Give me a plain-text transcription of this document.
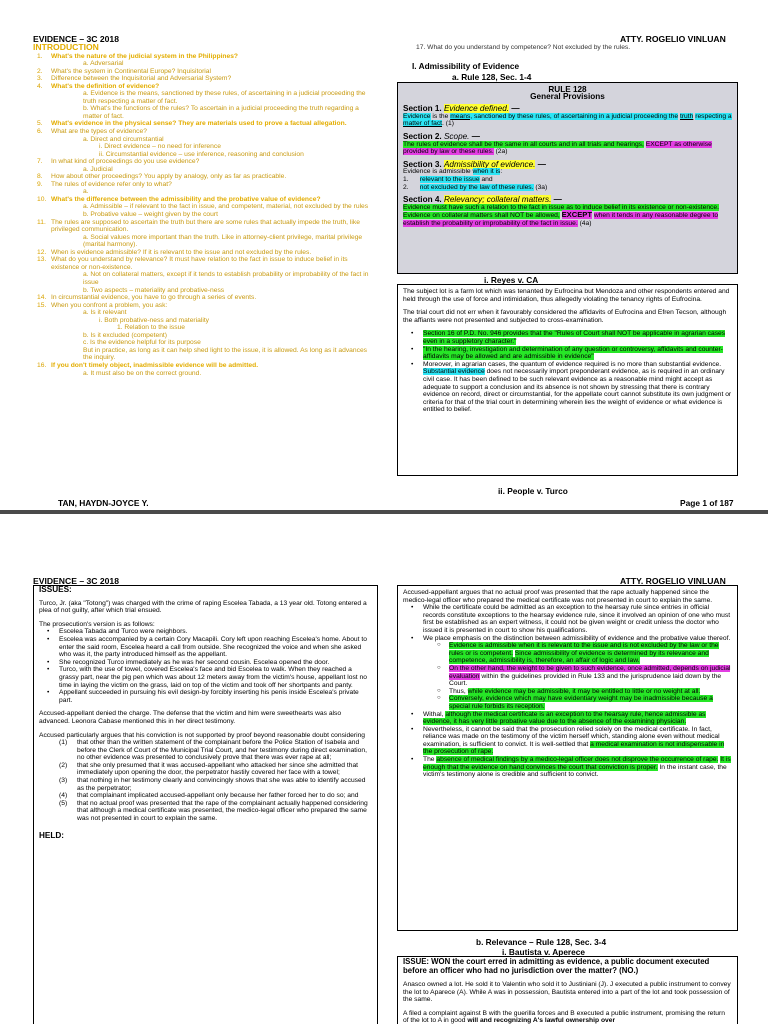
EVIDENCE – 3C 2018	ATTY. ROGELIO VINLUAN
INTRODUCTION
1. What's the nature of the judicial system in the Philippines?
a. Adversarial
2. What's the system in Continental Europe? Inquisitorial
3. Difference between the Inquisitorial and Adversarial System?
4. What's the definition of evidence?
a. Evidence is the means, sanctioned by these rules, of ascertaining in a judicial proceeding the truth respecting a matter of fact.
b. What's the functions of the rules? To ascertain in a judicial proceeding the truth regarding a matter of fact.
5. What's evidence in the physical sense? They are materials used to prove a factual allegation.
6. What are the types of evidence?
a. Direct and circumstantial
i. Direct evidence – no need for inference
ii. Circumstantial evidence – use inference, reasoning and conclusion
7. In what kind of proceedings do you use evidence?
a. Judicial
8. How about other proceedings? You apply by analogy, only as far as practicable.
9. The rules of evidence refer only to what?
a.
10. What's the difference between the admissibility and the probative value of evidence?
a. Admissible – if relevant to the fact in issue, and competent, material, not excluded by the rules
b. Probative value – weight given by the court
11. The rules are supposed to ascertain the truth but there are some rules that actually impede the truth, like privileged communication.
a. Social values more important than the truth. Like in attorney-client privilege, marital privilege (marital harmony).
12. When is evidence admissible? If it is relevant to the issue and not excluded by the rules.
13. What do you understand by relevance? It must have relation to the fact in issue to induce belief in its existence or non-existence.
a. Not on collateral matters, except if it tends to establish probability or improbability of the fact in issue
b. Two aspects – materiality and probative-ness
14. In circumstantial evidence, you have to go through a series of events.
15. When you confront a problem, you ask:
a. Is it relevant
i. Both probative-ness and materiality
1. Relation to the issue
b. Is it excluded (competent)
c. Is the evidence helpful for its purpose
But in practice, as long as it can help shed light to the issue, it is allowed. As long as it advances the inquiry.
16. If you don't timely object, inadmissible evidence will be admitted.
a. It must also be on the correct ground.
TAN, HAYDN-JOYCE Y.	Page 1 of 187
17. What do you understand by competence? Not excluded by the rules.
I. Admissibility of Evidence
a. Rule 128, Sec. 1-4
RULE 128
General Provisions
Section 1. Evidence defined. —
Evidence is the means, sanctioned by these rules, of ascertaining in a judicial proceeding the truth respecting a matter of fact. (1)
Section 2. Scope. —
The rules of evidence shall be the same in all courts and in all trials and hearings, EXCEPT as otherwise provided by law or these rules. (2a)
Section 3. Admissibility of evidence. —
Evidence is admissible when it is:
1.      relevant to the issue and
2.      not excluded by the law of these rules. (3a)
Section 4. Relevancy; collateral matters. —
Evidence must have such a relation to the fact in issue as to induce belief in its existence or non-existence.
Evidence on collateral matters shall NOT be allowed, EXCEPT when it tends in any reasonable degree to establish the probability or improbability of the fact in issue. (4a)
i. Reyes v. CA
The subject lot is a farm lot which was tenanted by Eufrocina but Mendoza and other respondents entered and held through the use of force and intimidation, thus allegedly violating the tenancy rights of Eufrocina.

The trial court did not err when it favourably considered the affidavits of Eufrocina and Efren Tecson, although the affiants were not presented and subjected to cross-examination.

• Section 16 of P.D. No. 946 provides that the "Rules of Court shall NOT be applicable in agrarian cases even in a suppletory character."
• "In the hearing, investigation and determination of any question or controversy, affidavits and counter-affidavits may be allowed and are admissible in evidence"
• Moreover, in agrarian cases, the quantum of evidence required is no more than substantial evidence. Substantial evidence does not necessarily import preponderant evidence, as is required in an ordinary civil case. It has been defined to be such relevant evidence as a reasonable mind might accept as adequate to support a conclusion and its absence is not shown by stressing that there is contrary evidence on record, direct or circumstantial, for the appellate court cannot substitute its own judgment or criteria for that of the trial court in determining wherein lies the weight of evidence or what evidence is entitled to belief.
ii. People v. Turco
EVIDENCE – 3C 2018	ATTY. ROGELIO VINLUAN
ISSUES:

Turco, Jr. (aka "Totong") was charged with the crime of raping Escelea Tabada, a 13 year old. Totong entered a plea of not guilty, after which trial ensued.

The prosecution's version is as follows:

• Escelea Tabada and Turco were neighbors.
• Escelea was accompanied by a certain Cory Macapili. Cory left upon reaching Escelea's home. About to enter the said room, Escelea heard a call from outside. She recognized the voice and when she asked who was it, the party introduced himself as the appellant.
• She recognized Turco immediately as he was her second cousin. Escelea opened the door.
• Turco, with the use of towel, covered Escelea's face and bid Escelea to walk. When they reached a grassy part, near the pig pen which was about 12 meters away from the victim's house, appellant lost no time in laying the victim on the grass, laid on top of the victim and took off her shortpants and panty.
• Appellant succeeded in pursuing his evil design-by forcibly inserting his penis inside Escelea's private part.

Accused-appellant denied the charge. The defense that the victim and him were sweethearts was also advanced. Leonora Cabase mentioned this in her direct testimony.

Accused particularly argues that his conviction is not supported by proof beyond reasonable doubt considering

(1) that other than the written statement of the complainant before the Police Station of Isabela and before the Clerk of Court of the Municipal Trial Court, and her testimony during direct examination, no other evidence was presented to conclusively prove that there was ever rape at all;
(2) that she only presumed that it was accused-appellant who attacked her since she admitted that immediately upon opening the door, the perpetrator hastily covered her face with a towel;
(3) that nothing in her testimony clearly and convincingly shows that she was able to identify accused as the perpetrator;
(4) that complainant implicated accused-appellant only because her father forced her to do so; and
(5) that no actual proof was presented that the rape of the complainant actually happened considering that although a medical certificate was presented, the medico-legal officer who prepared the same was not presented in court to explain the same.

HELD:

Accused-appellant argues that no actual proof was presented that the rape actually happened since the medico-legal officer who prepared the medical certificate was not presented in court to explain the same.
• While the certificate could be admitted as an exception to the hearsay rule since entries in official records constitute exceptions to the hearsay evidence rule, since it involved an opinion of one who must first be established as an expert witness, it could not be given weight or credit unless the doctor who issued it is presented in court to show his qualifications.
• We place emphasis on the distinction between admissibility of evidence and the probative value thereof.
○ Evidence is admissible when it is relevant to the issue and is not excluded by the law or the rules or is competent. Since admissibility of evidence is determined by its relevance and competence, admissibility is, therefore, an affair of logic and law.
○ On the other hand, the weight to be given to such evidence, once admitted, depends on judicial evaluation within the guidelines provided in Rule 133 and the jurisprudence laid down by the Court.
○ Thus, while evidence may be admissible, it may be entitled to little or no weight at all.
○ Conversely, evidence which may have evidentiary weight may be inadmissible because a special rule forbids its reception.
• Withal, although the medical certificate is an exception to the hearsay rule, hence admissible as evidence, it has very little probative value due to the absence of the examining physician.
• Nevertheless, it cannot be said that the prosecution relied solely on the medical certificate. In fact, reliance was made on the testimony of the victim herself which, standing alone even without medical examination, is sufficient to convict. It is well-settled that a medical examination is not indispensable in the prosecution of rape.
• The absence of medical findings by a medico-legal officer does not disprove the occurrence of rape. It is enough that the evidence on hand convinces the court that conviction is proper. In the instant case, the victim's testimony alone is credible and sufficient to convict.
b. Relevance – Rule 128, Sec. 3-4
i. Bautista v. Aperece
ISSUE: WON the court erred in admitting as evidence, a public document executed before an officer who had no jurisdiction over the matter? (NO.)

Anasco owned a lot. He sold it to Valentin who sold it to Justiniani (J). J executed a public instrument to convey the lot to Aparece (A). While A was in possession, Bautista entered into a part of the lot and took possession of the same.

A filed a complaint against B with the guerilla forces and B executed a public instrument, promising the return of the lot to A in good will and recognizing A's lawful ownership over
